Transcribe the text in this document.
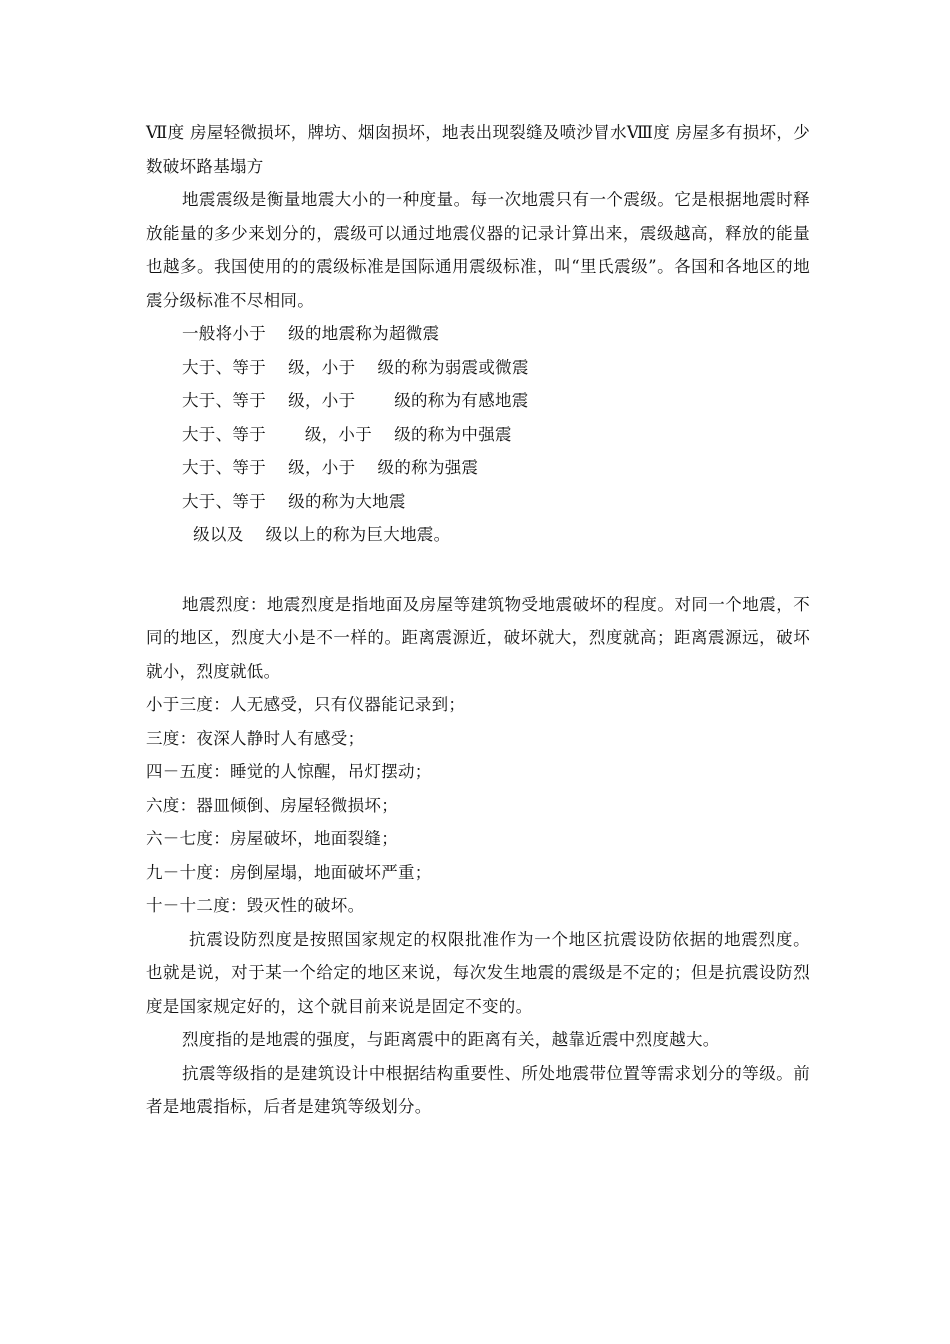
Ⅶ度 房屋轻微损坏，牌坊、烟囱损坏，地表出现裂缝及喷沙冒水Ⅷ度 房屋多有损坏，少数破坏路基塌方

地震震级是衡量地震大小的一种度量。每一次地震只有一个震级。它是根据地震时释放能量的多少来划分的，震级可以通过地震仪器的记录计算出来，震级越高，释放的能量也越多。我国使用的的震级标准是国际通用震级标准，叫“里氏震级”。各国和各地区的地震分级标准不尽相同。

一般将小于    级的地震称为超微震

大于、等于    级，小于    级的称为弱震或微震

大于、等于    级，小于       级的称为有感地震

大于、等于       级，小于    级的称为中强震

大于、等于    级，小于    级的称为强震

大于、等于    级的称为大地震

级以及    级以上的称为巨大地震。

地震烈度：地震烈度是指地面及房屋等建筑物受地震破坏的程度。对同一个地震，不同的地区，烈度大小是不一样的。距离震源近，破坏就大，烈度就高；距离震源远，破坏就小，烈度就低。

小于三度：人无感受，只有仪器能记录到；

三度：夜深人静时人有感受；

四－五度：睡觉的人惊醒，吊灯摆动；

六度：器皿倾倒、房屋轻微损坏；

六－七度：房屋破坏，地面裂缝；

九－十度：房倒屋塌，地面破坏严重；

十－十二度：毁灭性的破坏。

抗震设防烈度是按照国家规定的权限批准作为一个地区抗震设防依据的地震烈度。也就是说，对于某一个给定的地区来说，每次发生地震的震级是不定的；但是抗震设防烈度是国家规定好的，这个就目前来说是固定不变的。

烈度指的是地震的强度，与距离震中的距离有关，越靠近震中烈度越大。

抗震等级指的是建筑设计中根据结构重要性、所处地震带位置等需求划分的等级。前者是地震指标，后者是建筑等级划分。
